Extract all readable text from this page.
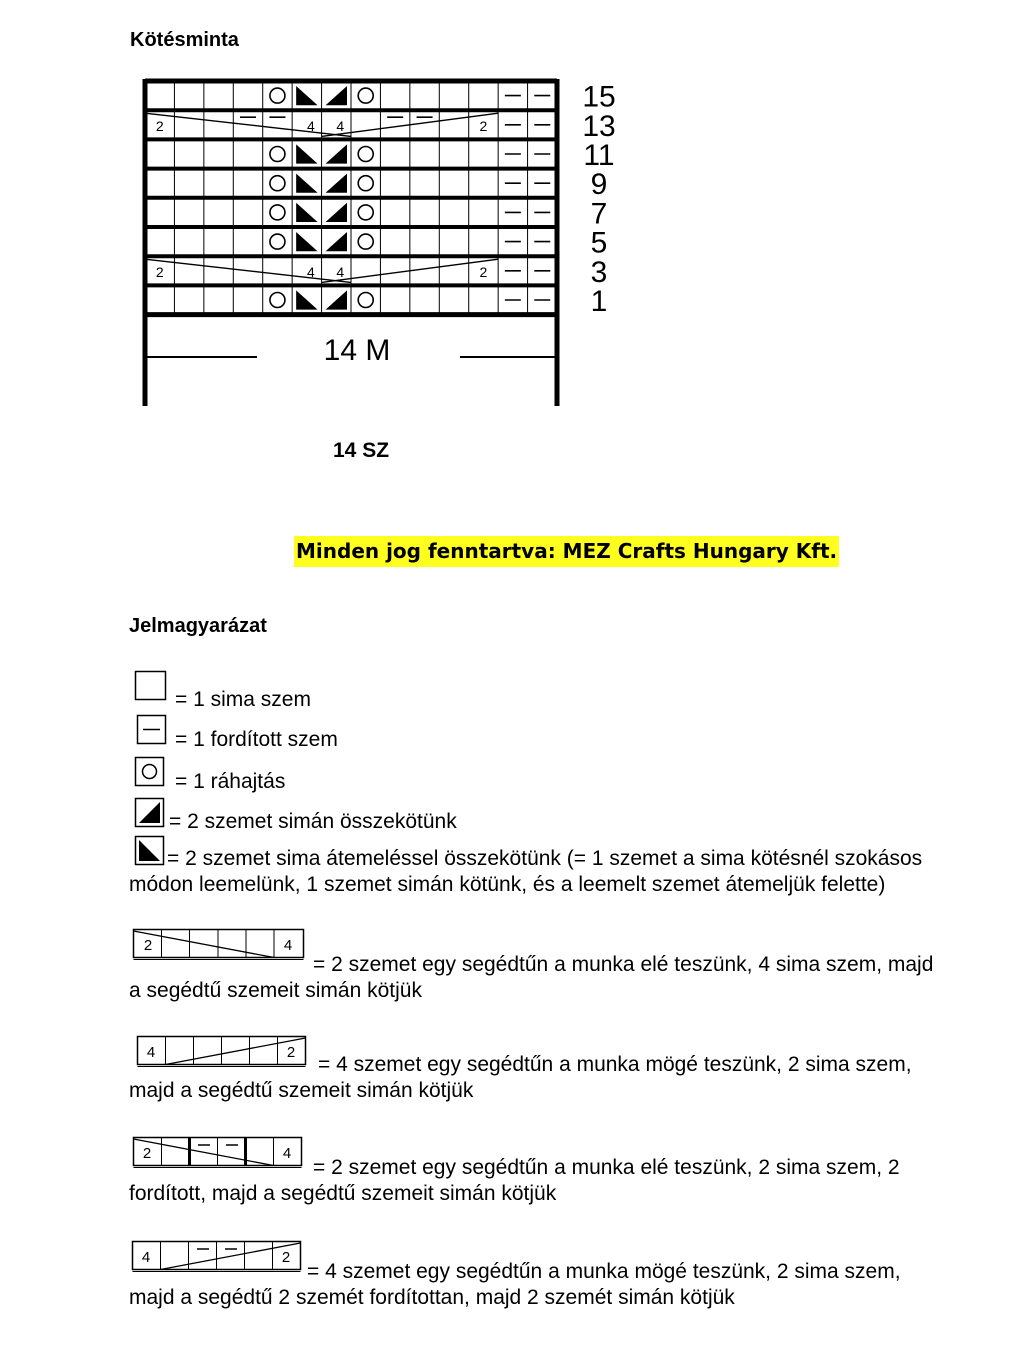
Kötésminta
2	4 4	2
2	4 4	2
15
13
11
9
7
5
3
1
14 M
14 SZ
Minden jog fenntartva: MEZ Crafts Hungary Kft.
Jelmagyarázat
= 1 sima szem
= 1 fordított szem
= 1 ráhajtás
= 2 szemet simán összekötünk
= 2 szemet sima átemeléssel összekötünk (= 1 szemet a sima kötésnél szokásos
módon leemelünk, 1 szemet simán kötünk, és a leemelt szemet átemeljük felette)
2	4
= 2 szemet egy segédtűn a munka elé teszünk, 4 sima szem, majd
a segédtű szemeit simán kötjük
4	2
= 4 szemet egy segédtűn a munka mögé teszünk, 2 sima szem,
majd a segédtű szemeit simán kötjük
2	4
= 2 szemet egy segédtűn a munka elé teszünk, 2 sima szem, 2
fordított, majd a segédtű szemeit simán kötjük
4	2
= 4 szemet egy segédtűn a munka mögé teszünk, 2 sima szem,
majd a segédtű 2 szemét fordítottan, majd 2 szemét simán kötjük
